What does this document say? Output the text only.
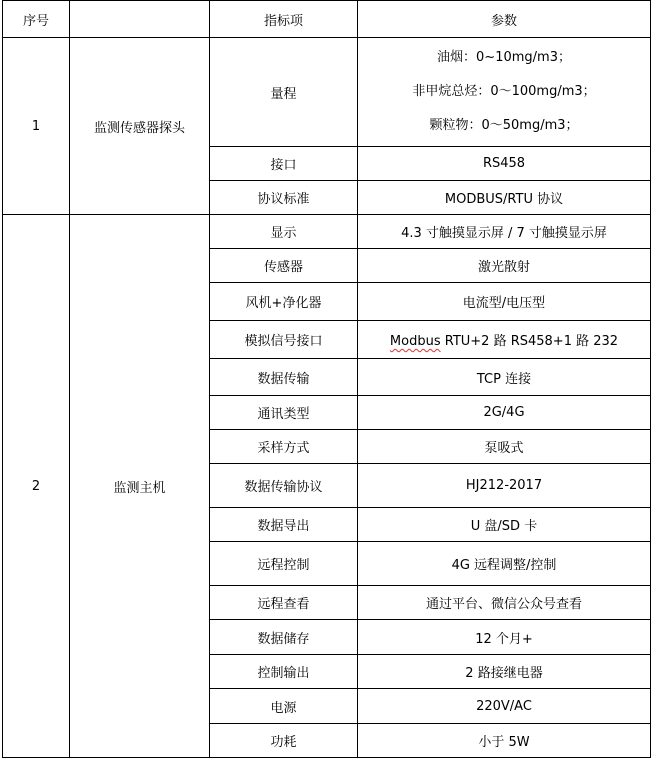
序号		指标项	参数
1	监测传感器探头	量程	油烟：0~10mg/m3；
非甲烷总烃：0～100mg/m3；
颗粒物：0～50mg/m3；

		接口	RS458
		协议标准	MODBUS/RTU 协议
2	监测主机	显示	4.3 寸触摸显示屏 / 7 寸触摸显示屏
		传感器	激光散射
		风机+净化器	电流型/电压型
		模拟信号接口	Modbus RTU+2 路 RS458+1 路 232
		数据传输	TCP 连接
		通讯类型	2G/4G
		采样方式	泵吸式
		数据传输协议	HJ212-2017
		数据导出	U 盘/SD 卡
		远程控制	4G 远程调整/控制
		远程查看	通过平台、微信公众号查看
		数据储存	12 个月+
		控制输出	2 路接继电器
		电源	220V/AC
		功耗	小于 5W
